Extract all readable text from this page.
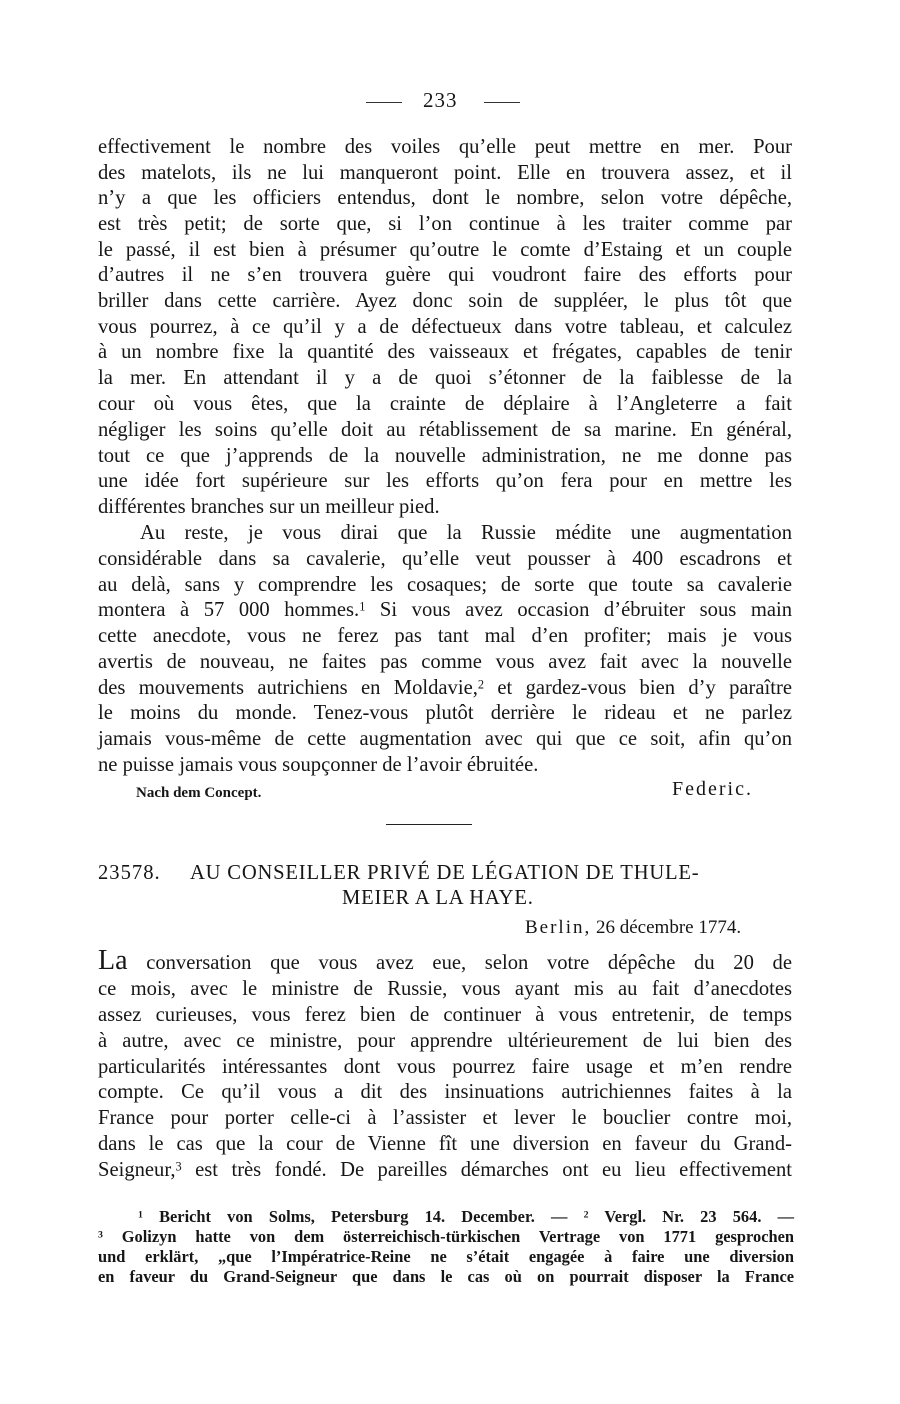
233
effectivement le nombre des voiles qu’elle peut mettre en mer. Pour
des matelots, ils ne lui manqueront point. Elle en trouvera assez, et il
n’y a que les officiers entendus, dont le nombre, selon votre dépêche,
est très petit; de sorte que, si l’on continue à les traiter comme par
le passé, il est bien à présumer qu’outre le comte d’Estaing et un couple
d’autres il ne s’en trouvera guère qui voudront faire des efforts pour
briller dans cette carrière. Ayez donc soin de suppléer, le plus tôt que
vous pourrez, à ce qu’il y a de défectueux dans votre tableau, et calculez
à un nombre fixe la quantité des vaisseaux et frégates, capables de tenir
la mer. En attendant il y a de quoi s’étonner de la faiblesse de la
cour où vous êtes, que la crainte de déplaire à l’Angleterre a fait
négliger les soins qu’elle doit au rétablissement de sa marine. En général,
tout ce que j’apprends de la nouvelle administration, ne me donne pas
une idée fort supérieure sur les efforts qu’on fera pour en mettre les
différentes branches sur un meilleur pied.
Au reste, je vous dirai que la Russie médite une augmentation
considérable dans sa cavalerie, qu’elle veut pousser à 400 escadrons et
au delà, sans y comprendre les cosaques; de sorte que toute sa cavalerie
montera à 57 000 hommes.$^1$ Si vous avez occasion d’ébruiter sous main
cette anecdote, vous ne ferez pas tant mal d’en profiter; mais je vous
avertis de nouveau, ne faites pas comme vous avez fait avec la nouvelle
des mouvements autrichiens en Moldavie,$^2$ et gardez-vous bien d’y paraître
le moins du monde. Tenez-vous plutôt derrière le rideau et ne parlez
jamais vous-même de cette augmentation avec qui que ce soit, afin qu’on
ne puisse jamais vous soupçonner de l’avoir ébruitée.
Nach dem Concept.	Federic.
23578. AU CONSEILLER PRIVÉ DE LÉGATION DE THULE-
MEIER A LA HAYE.
Berlin, 26 décembre 1774.
La conversation que vous avez eue, selon votre dépêche du 20 de
ce mois, avec le ministre de Russie, vous ayant mis au fait d’anecdotes
assez curieuses, vous ferez bien de continuer à vous entretenir, de temps
à autre, avec ce ministre, pour apprendre ultérieurement de lui bien des
particularités intéressantes dont vous pourrez faire usage et m’en rendre
compte. Ce qu’il vous a dit des insinuations autrichiennes faites à la
France pour porter celle-ci à l’assister et lever le bouclier contre moi,
dans le cas que la cour de Vienne fît une diversion en faveur du Grand-
Seigneur,$^3$ est très fondé. De pareilles démarches ont eu lieu effectivement
$^1$ Bericht von Solms, Petersburg 14. December. — $^2$ Vergl. Nr. 23 564. —
$^3$ Golizyn hatte von dem österreichisch-türkischen Vertrage von 1771 gesprochen
und erklärt, „que l’Impératrice-Reine ne s’était engagée à faire une diversion
en faveur du Grand-Seigneur que dans le cas où on pourrait disposer la France
